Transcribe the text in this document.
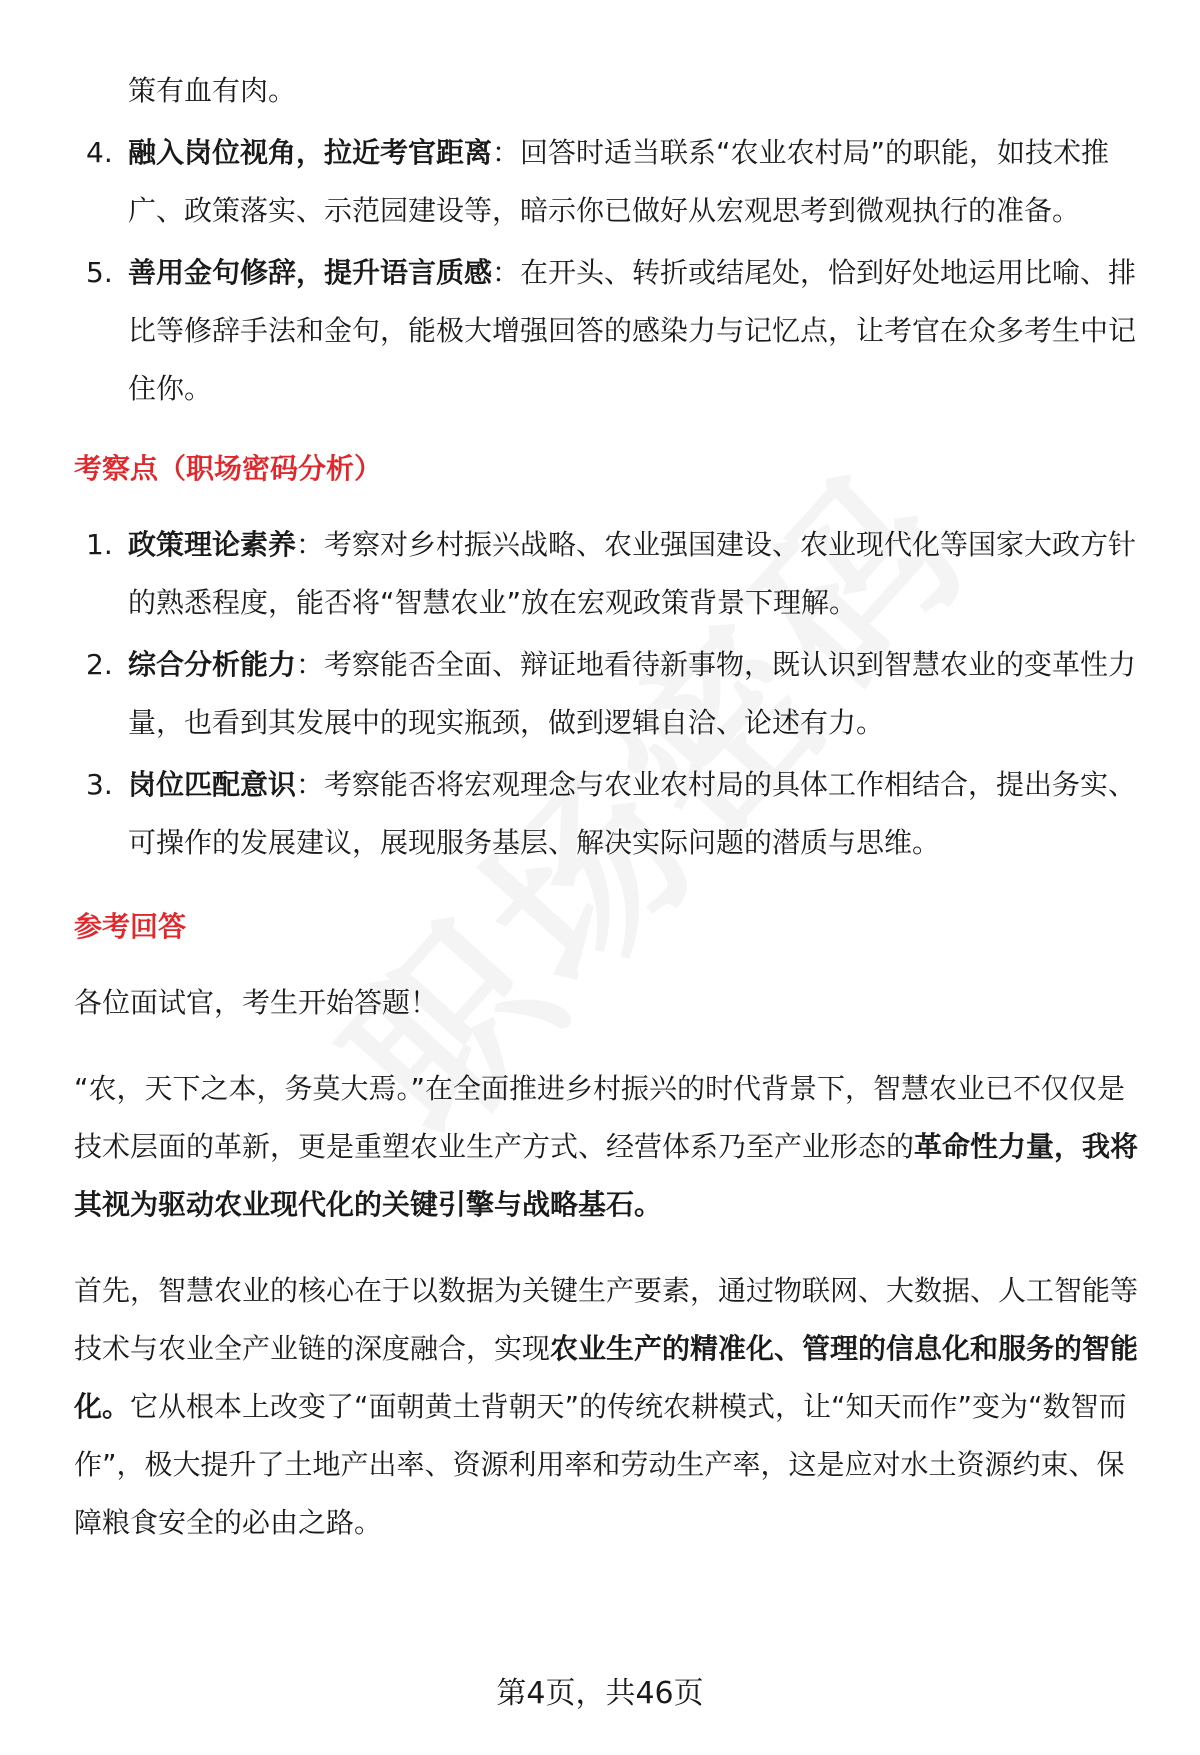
策有血有肉。

4. 融入岗位视角，拉近考官距离：回答时适当联系“农业农村局”的职能，如技术推广、政策落实、示范园建设等，暗示你已做好从宏观思考到微观执行的准备。
5. 善用金句修辞，提升语言质感：在开头、转折或结尾处，恰到好处地运用比喻、排比等修辞手法和金句，能极大增强回答的感染力与记忆点，让考官在众多考生中记住你。
考察点（职场密码分析）
1. 政策理论素养：考察对乡村振兴战略、农业强国建设、农业现代化等国家大政方针的熟悉程度，能否将“智慧农业”放在宏观政策背景下理解。
2. 综合分析能力：考察能否全面、辩证地看待新事物，既认识到智慧农业的变革性力量，也看到其发展中的现实瓶颈，做到逻辑自洽、论述有力。
3. 岗位匹配意识：考察能否将宏观理念与农业农村局的具体工作相结合，提出务实、可操作的发展建议，展现服务基层、解决实际问题的潜质与思维。
参考回答

各位面试官，考生开始答题！

“农，天下之本，务莫大焉。”在全面推进乡村振兴的时代背景下，智慧农业已不仅仅是技术层面的革新，更是重塑农业生产方式、经营体系乃至产业形态的革命性力量，我将其视为驱动农业现代化的关键引擎与战略基石。

首先，智慧农业的核心在于以数据为关键生产要素，通过物联网、大数据、人工智能等技术与农业全产业链的深度融合，实现农业生产的精准化、管理的信息化和服务的智能化。它从根本上改变了“面朝黄土背朝天”的传统农耕模式，让“知天而作”变为“数智而作”，极大提升了土地产出率、资源利用率和劳动生产率，这是应对水土资源约束、保障粮食安全的必由之路。

第4页，共46页
